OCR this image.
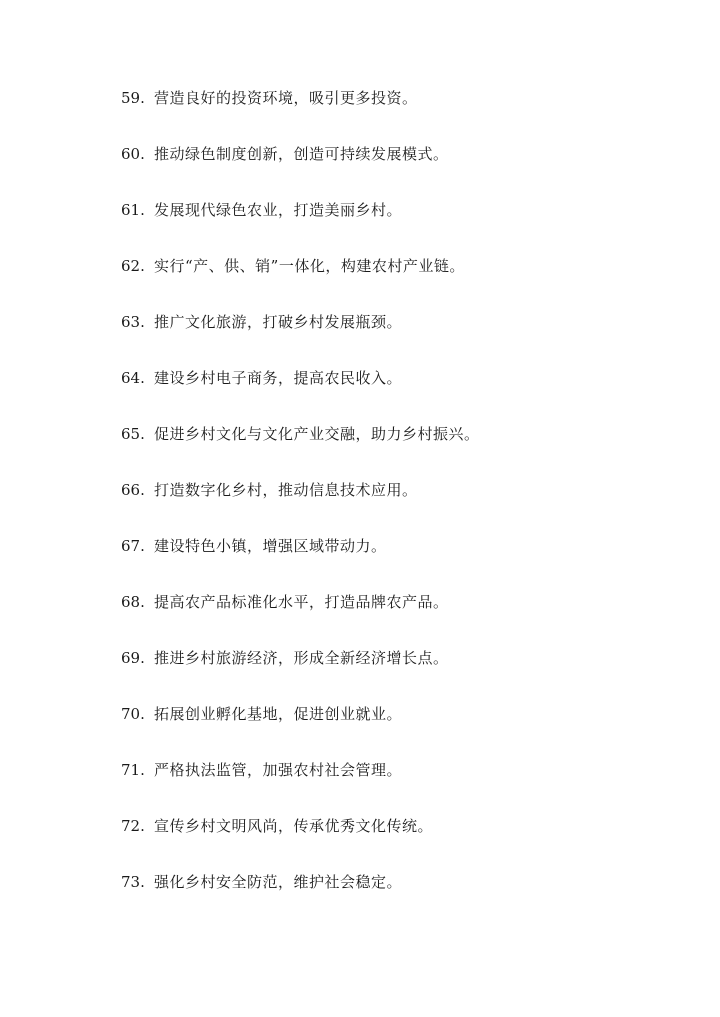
59. 营造良好的投资环境，吸引更多投资。
60. 推动绿色制度创新，创造可持续发展模式。
61. 发展现代绿色农业，打造美丽乡村。
62. 实行“产、供、销”一体化，构建农村产业链。
63. 推广文化旅游，打破乡村发展瓶颈。
64. 建设乡村电子商务，提高农民收入。
65. 促进乡村文化与文化产业交融，助力乡村振兴。
66. 打造数字化乡村，推动信息技术应用。
67. 建设特色小镇，增强区域带动力。
68. 提高农产品标准化水平，打造品牌农产品。
69. 推进乡村旅游经济，形成全新经济增长点。
70. 拓展创业孵化基地，促进创业就业。
71. 严格执法监管，加强农村社会管理。
72. 宣传乡村文明风尚，传承优秀文化传统。
73. 强化乡村安全防范，维护社会稳定。
